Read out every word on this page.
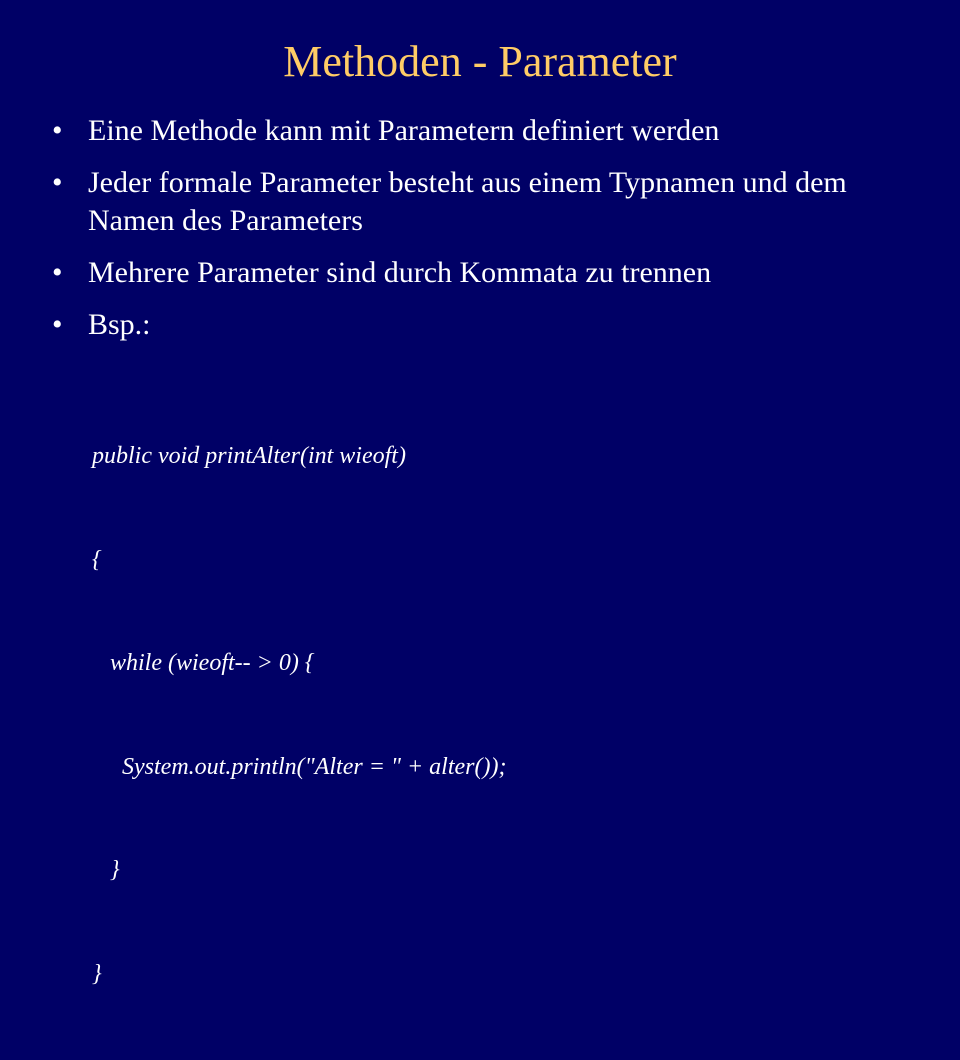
Methoden - Parameter
• Eine Methode kann mit Parametern definiert werden
• Jeder formale Parameter besteht aus einem Typnamen und dem Namen des Parameters
• Mehrere Parameter sind durch Kommata zu trennen
• Bsp.:

public void printAlter(int wieoft)

{

while (wieoft-- > 0) {

System.out.println("Alter = " + alter());

}

}
